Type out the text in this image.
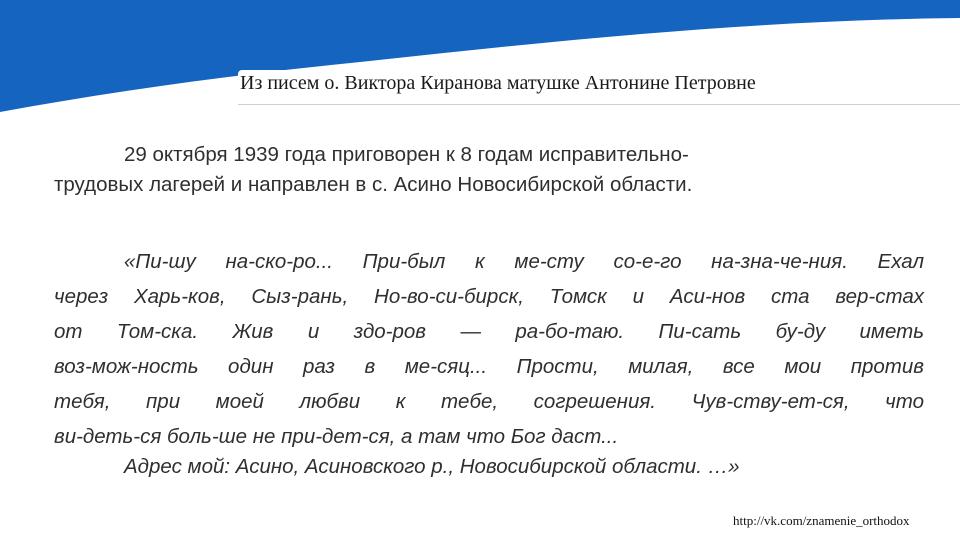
Из писем о. Виктора Киранова матушке Антонине Петровне
29 октября 1939 года приговорен к 8 годам исправительно-
трудовых лагерей и направлен в с. Асино Новосибирской области.
«Пи-шу на-ско-ро... При-был к ме-сту со-е-го на-зна-че-ния. Ехал
через Харь-ков, Сыз-рань, Но-во-си-бирск, Томск и Аси-нов ста вер-стах
от Том-ска. Жив и здо-ров — ра-бо-таю. Пи-сать бу-ду иметь
воз-мож-ность один раз в ме-сяц... Прости, милая, все мои против
тебя, при моей любви к тебе, согрешения. Чув-ству-ет-ся, что
ви-деть-ся боль-ше не при-дет-ся, а там что Бог даст...
Адрес мой: Асино, Асиновского р., Новосибирской области. …»
http://vk.com/znamenie_orthodox
